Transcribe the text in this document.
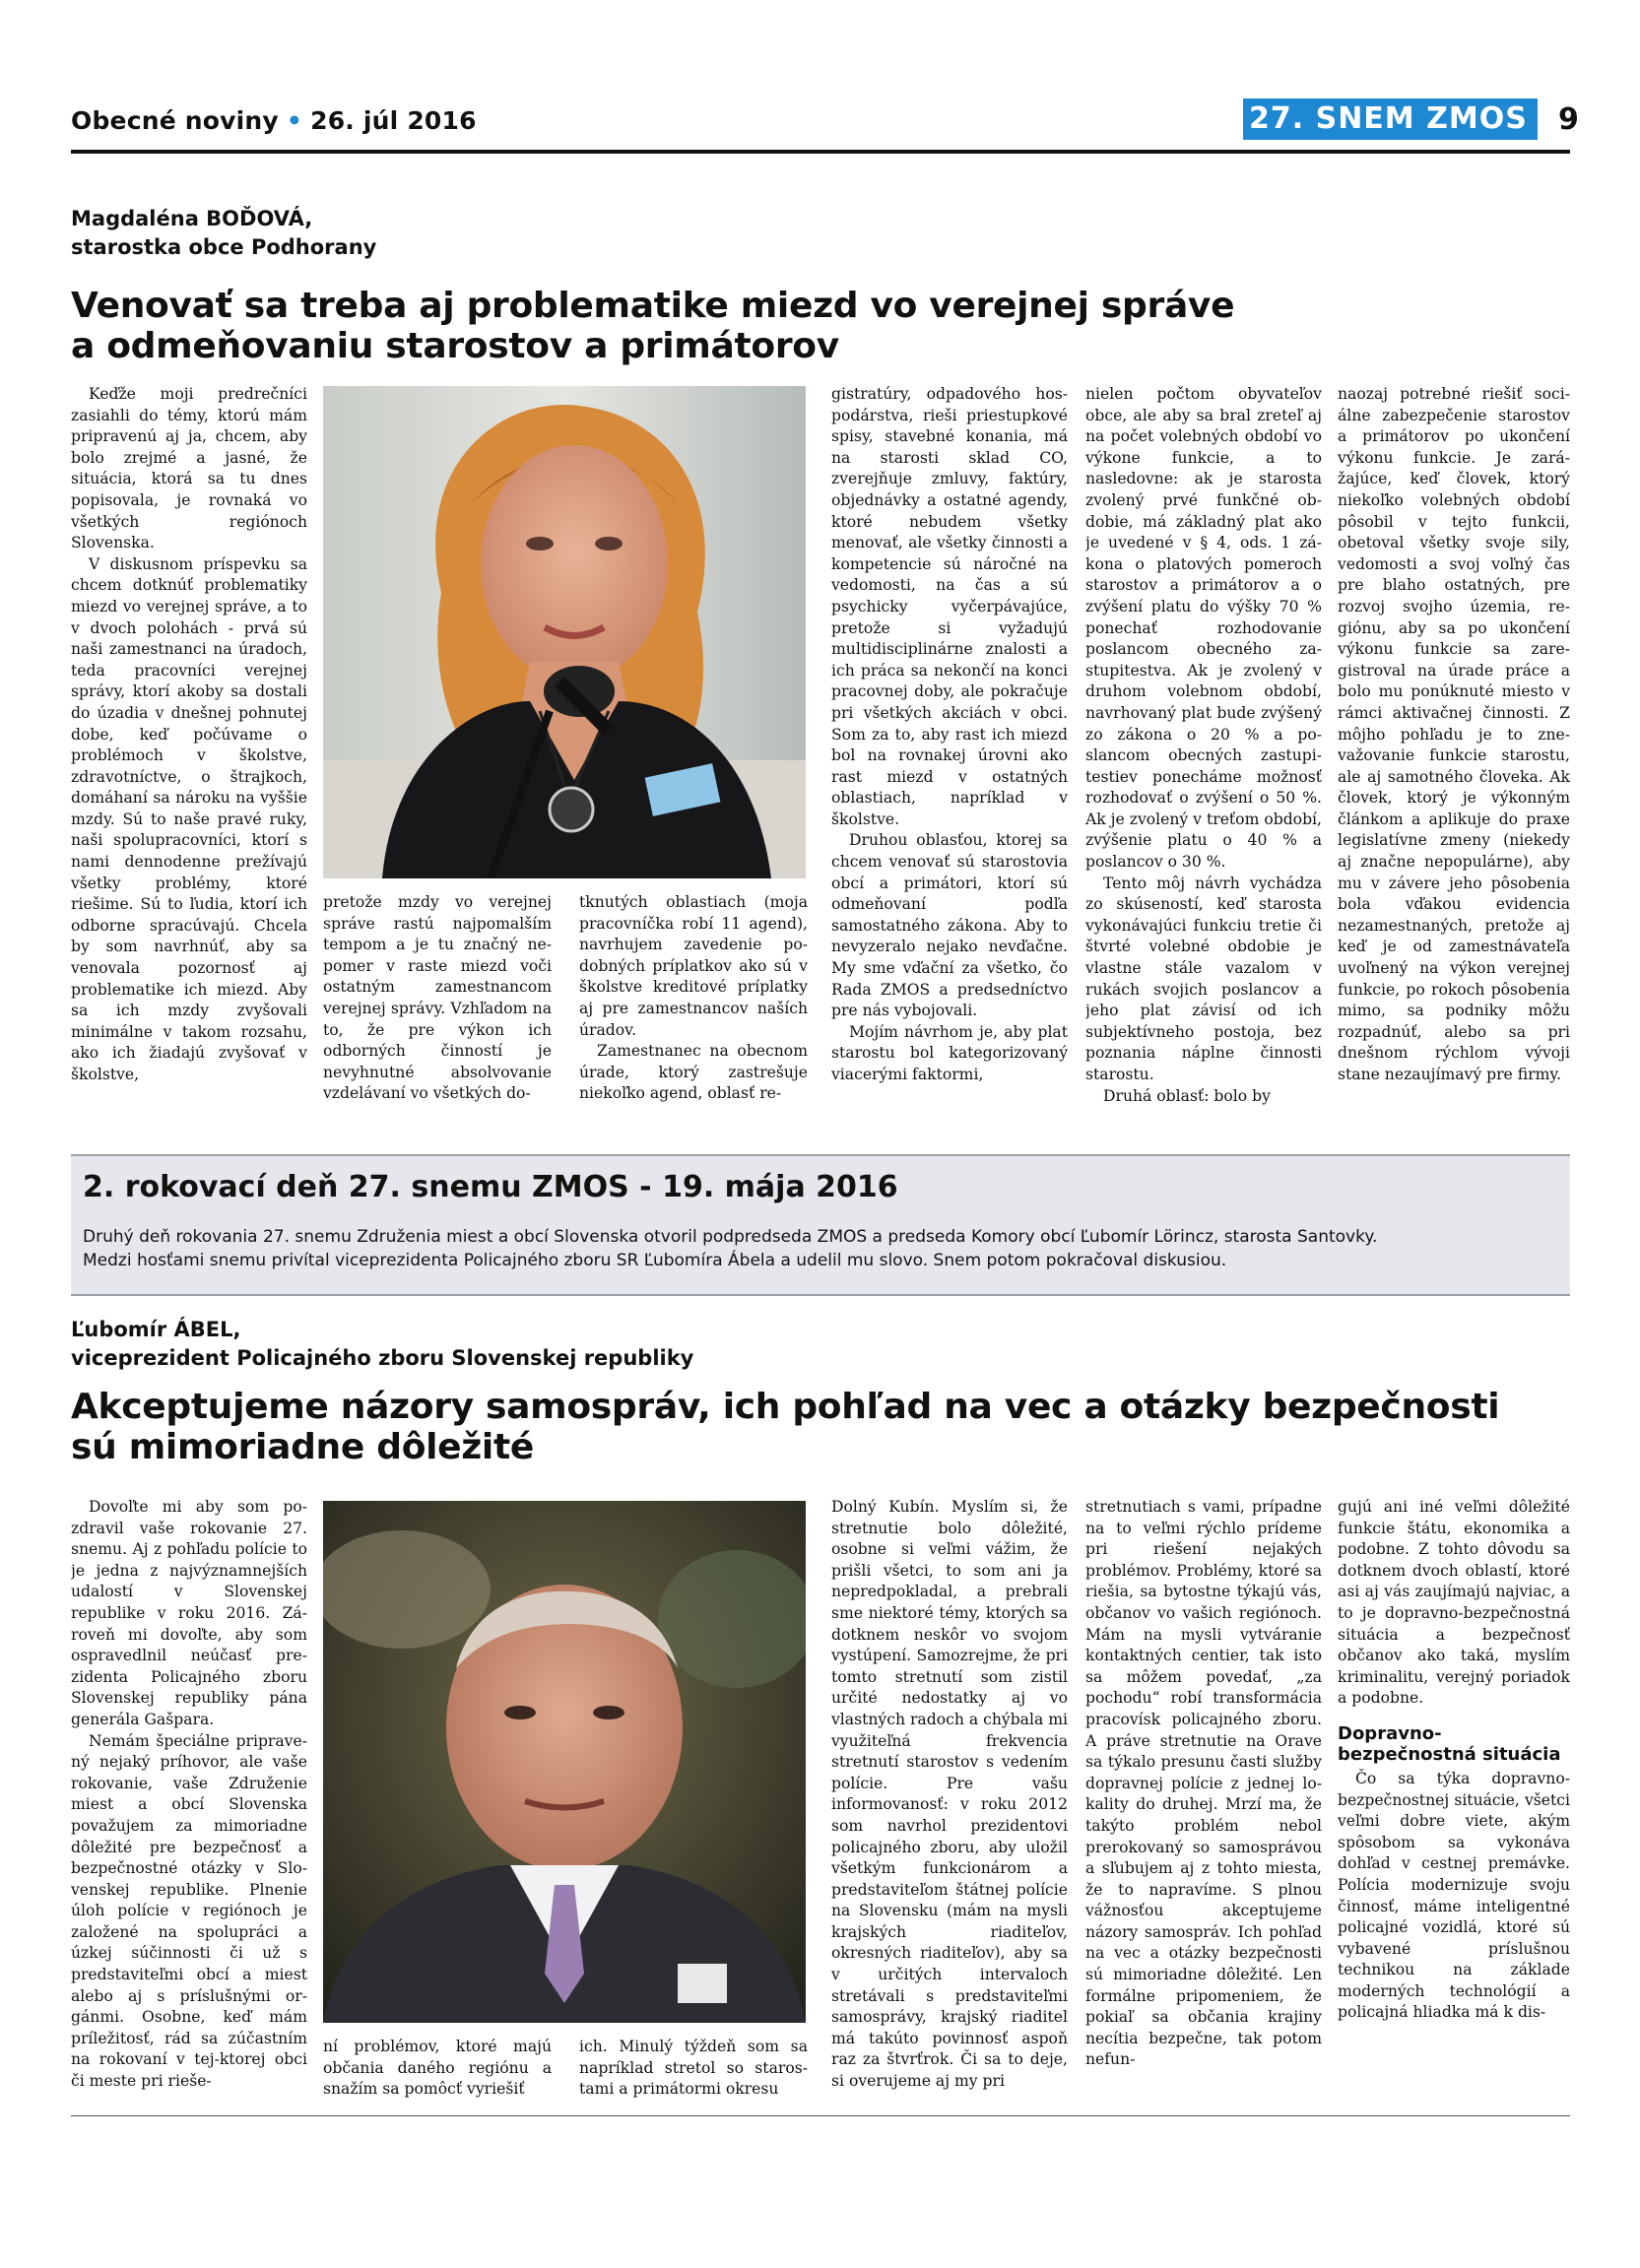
Obecné noviny • 26. júl 2016	27. SNEM ZMOS	9
Magdaléna BOĎOVÁ,
starostka obce Podhorany
Venovať sa treba aj problematike miezd vo verejnej správe
a odmeňovaniu starostov a primátorov

Keďže moji predrečníci zasiahli do témy, ktorú mám pripravenú aj ja, chcem, aby bolo zrejmé a jasné, že situácia, ktorá sa tu dnes popisovala, je rovnaká vo všetkých regiónoch Slovenska.

V diskusnom príspevku sa chcem dotknúť problematiky miezd vo verejnej správe, a to v dvoch polohách - prvá sú naši zamestnanci na úradoch, teda pracovníci verejnej správy, ktorí akoby sa dostali do úzadia v dnešnej pohnutej dobe, keď počúvame o problémoch v školstve, zdravotníctve, o štrajkoch, domáhaní sa nároku na vyššie mzdy. Sú to naše pravé ruky, naši spolupracovníci, ktorí s nami dennodenne prežívajú všetky problémy, ktoré riešime. Sú to ľudia, ktorí ich odborne spracúvajú. Chcela by som navrhnúť, aby sa venovala pozornosť aj problematike ich miezd. Aby sa ich mzdy zvyšovali minimálne v takom rozsahu, ako ich žiadajú zvyšovať v školstve,

pretože mzdy vo verejnej správe rastú najpomalším tempom a je tu značný nepomer v raste miezd voči ostatným zamestnancom verejnej správy. Vzhľadom na to, že pre výkon ich odborných činností je nevyhnutné absolvovanie vzdelávaní vo všetkých do-

tknutých oblastiach (moja pracovníčka robí 11 agend), navrhujem zavedenie podobných príplatkov ako sú v školstve kreditové príplatky aj pre zamestnancov naších úradov.

Zamestnanec na obecnom úrade, ktorý zastrešuje niekoľko agend, oblasť re-

gistratúry, odpadového hospodárstva, rieši priestupkové spisy, stavebné konania, má na starosti sklad CO, zverejňuje zmluvy, faktúry, objednávky a ostatné agendy, ktoré nebudem všetky menovať, ale všetky činnosti a kompetencie sú náročné na vedomosti, na čas a sú psychicky vyčerpávajúce, pretože si vyžadujú multidisciplinárne znalosti a ich práca sa nekončí na konci pracovnej doby, ale pokračuje pri všetkých akciách v obci. Som za to, aby rast ich miezd bol na rovnakej úrovni ako rast miezd v ostatných oblastiach, napríklad v školstve.

Druhou oblasťou, ktorej sa chcem venovať sú starostovia obcí a primátori, ktorí sú odmeňovaní podľa samostatného zákona. Aby to nevyzeralo nejako nevďačne. My sme vďační za všetko, čo Rada ZMOS a predsedníctvo pre nás vybojovali.

Mojím návrhom je, aby plat starostu bol kategorizovaný viacerými faktormi,

nielen počtom obyvateľov obce, ale aby sa bral zreteľ aj na počet volebných období vo výkone funkcie, a to nasledovne: ak je starosta zvolený prvé funkčné obdobie, má základný plat ako je uvedené v § 4, ods. 1 zákona o platových pomeroch starostov a primátorov a o zvýšení platu do výšky 70 % ponechať rozhodovanie poslancom obecného zastupitestva. Ak je zvolený v druhom volebnom období, navrhovaný plat bude zvýšený zo zákona o 20 % a poslancom obecných zastupitestiev ponecháme možnosť rozhodovať o zvýšení o 50 %. Ak je zvolený v treťom období, zvýšenie platu o 40 % a poslancov o 30 %.

Tento môj návrh vychádza zo skúseností, keď starosta vykonávajúci funkciu tretie či štvrté volebné obdobie je vlastne stále vazalom v rukách svojich poslancov a jeho plat závisí od ich subjektívneho postoja, bez poznania náplne činnosti starostu.

Druhá oblasť: bolo by

naozaj potrebné riešiť sociálne zabezpečenie starostov a primátorov po ukončení výkonu funkcie. Je zarážajúce, keď človek, ktorý niekoľko volebných období pôsobil v tejto funkcii, obetoval všetky svoje sily, vedomosti a svoj voľný čas pre blaho ostatných, pre rozvoj svojho územia, regiónu, aby sa po ukončení výkonu funkcie sa zaregistroval na úrade práce a bolo mu ponúknuté miesto v rámci aktivačnej činnosti. Z môjho pohľadu je to znevažovanie funkcie starostu, ale aj samotného človeka. Ak človek, ktorý je výkonným článkom a aplikuje do praxe legislatívne zmeny (niekedy aj značne nepopulárne), aby mu v závere jeho pôsobenia bola vďakou evidencia nezamestnaných, pretože aj keď je od zamestnávateľa uvoľnený na výkon verejnej funkcie, po rokoch pôsobenia mimo, sa podniky môžu rozpadnúť, alebo sa pri dnešnom rýchlom vývoji stane nezaujímavý pre firmy.

2. rokovací deň 27. snemu ZMOS - 19. mája 2016
Druhý deň rokovania 27. snemu Združenia miest a obcí Slovenska otvoril podpredseda ZMOS a predseda Komory obcí Ľubomír Lörincz, starosta Santovky.
Medzi hosťami snemu privítal viceprezidenta Policajného zboru SR Ľubomíra Ábela a udelil mu slovo. Snem potom pokračoval diskusiou.
Ľubomír ÁBEL,
viceprezident Policajného zboru Slovenskej republiky
Akceptujeme názory samospráv, ich pohľad na vec a otázky bezpečnosti
sú mimoriadne dôležité

Dovoľte mi aby som pozdravil vaše rokovanie 27. snemu. Aj z pohľadu polície to je jedna z najvýznamnejších udalostí v Slovenskej republike v roku 2016. Zároveň mi dovoľte, aby som ospravedlnil neúčasť prezidenta Policajného zboru Slovenskej republiky pána generála Gašpara.

Nemám špeciálne pripravený nejaký príhovor, ale vaše rokovanie, vaše Združenie miest a obcí Slovenska považujem za mimoriadne dôležité pre bezpečnosť a bezpečnostné otázky v Slovenskej republike. Plnenie úloh polície v regiónoch je založené na spolupráci a úzkej súčinnosti či už s predstaviteľmi obcí a miest alebo aj s príslušnými orgánmi. Osobne, keď mám príležitosť, rád sa zúčastním na rokovaní v tej-ktorej obci či meste pri rieše-

ní problémov, ktoré majú občania daného regiónu a snažím sa pomôcť vyriešiť

ich. Minulý týždeň som sa napríklad stretol so starostami a primátormi okresu

Dolný Kubín. Myslím si, že stretnutie bolo dôležité, osobne si veľmi vážim, že prišli všetci, to som ani ja nepredpokladal, a prebrali sme niektoré témy, ktorých sa dotknem neskôr vo svojom vystúpení. Samozrejme, že pri tomto stretnutí som zistil určité nedostatky aj vo vlastných radoch a chýbala mi využiteľná frekvencia stretnutí starostov s vedením polície. Pre vašu informovanosť: v roku 2012 som navrhol prezidentovi policajného zboru, aby uložil všetkým funkcionárom a predstaviteľom štátnej polície na Slovensku (mám na mysli krajských riaditeľov, okresných riaditeľov), aby sa v určitých intervaloch stretávali s predstaviteľmi samosprávy, krajský riaditeľ má takúto povinnosť aspoň raz za štvrťrok. Či sa to deje, si overujeme aj my pri

stretnutiach s vami, prípadne na to veľmi rýchlo prídeme pri riešení nejakých problémov. Problémy, ktoré sa riešia, sa bytostne týkajú vás, občanov vo vašich regiónoch. Mám na mysli vytváranie kontaktných centier, tak isto sa môžem povedať, „za pochodu“ robí transformácia pracovísk policajného zboru. A práve stretnutie na Orave sa týkalo presunu časti služby dopravnej polície z jednej lokality do druhej. Mrzí ma, že takýto problém nebol prerokovaný so samosprávou a sľubujem aj z tohto miesta, že to napravíme. S plnou vážnosťou akceptujeme názory samospráv. Ich pohľad na vec a otázky bezpečnosti sú mimoriadne dôležité. Len formálne pripomeniem, že pokiaľ sa občania krajiny necítia bezpečne, tak potom nefun-

gujú ani iné veľmi dôležité funkcie štátu, ekonomika a podobne. Z tohto dôvodu sa dotknem dvoch oblastí, ktoré asi aj vás zaujímajú najviac, a to je dopravno-bezpečnostná situácia a bezpečnosť občanov ako taká, myslím kriminalitu, verejný poriadok a podobne.

Dopravno-bezpečnostná situácia

Čo sa týka dopravno-bezpečnostnej situácie, všetci veľmi dobre viete, akým spôsobom sa vykonáva dohľad v cestnej premávke. Polícia modernizuje svoju činnosť, máme inteligentné policajné vozidlá, ktoré sú vybavené príslušnou technikou na základe moderných technológií a policajná hliadka má k dis-
